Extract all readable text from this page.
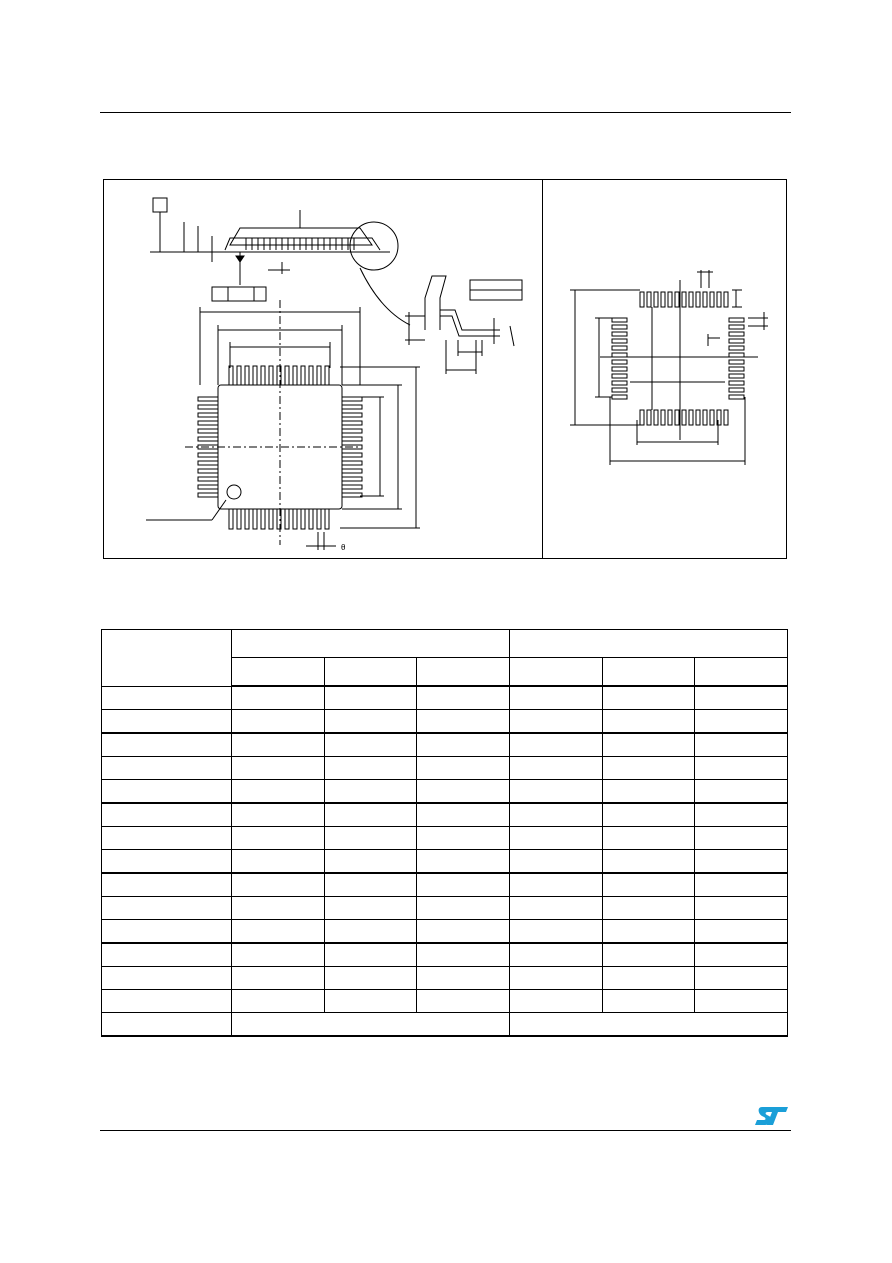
θ
